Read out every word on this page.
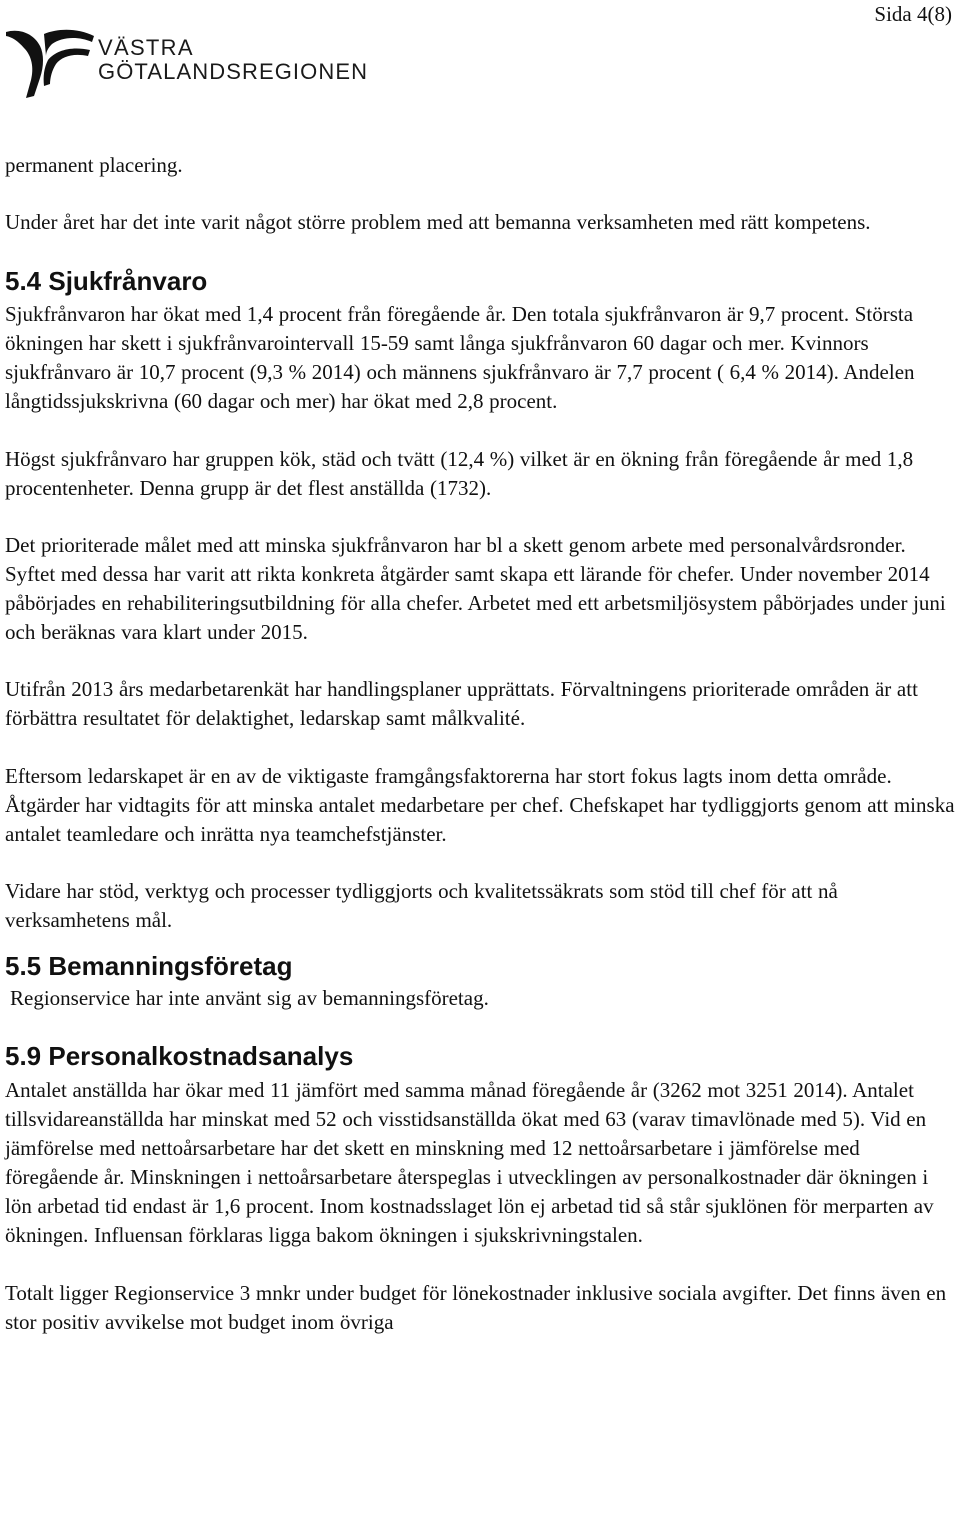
Sida 4(8)
VÄSTRA
GÖTALANDSREGIONEN

permanent placering.

Under året har det inte varit något större problem med att bemanna verksamheten med rätt kompetens.

5.4 Sjukfrånvaro

Sjukfrånvaron har ökat med 1,4 procent från föregående år. Den totala sjukfrånvaron är 9,7 procent. Största ökningen har skett i sjukfrånvarointervall 15-59 samt långa sjukfrånvaron 60 dagar och mer. Kvinnors sjukfrånvaro är 10,7 procent (9,3 % 2014) och männens sjukfrånvaro är 7,7 procent ( 6,4 % 2014). Andelen långtidssjukskrivna (60 dagar och mer) har ökat med 2,8 procent.

Högst sjukfrånvaro har gruppen kök, städ och tvätt (12,4 %) vilket är en ökning från föregående år med 1,8 procentenheter. Denna grupp är det flest anställda (1732).

Det prioriterade målet med att minska sjukfrånvaron har bl a skett genom arbete med personalvårdsronder. Syftet med dessa har varit att rikta konkreta åtgärder samt skapa ett lärande för chefer. Under november 2014 påbörjades en rehabiliteringsutbildning för alla chefer. Arbetet med ett arbetsmiljösystem påbörjades under juni och beräknas vara klart under 2015.

Utifrån 2013 års medarbetarenkät har handlingsplaner upprättats. Förvaltningens prioriterade områden är att förbättra resultatet för delaktighet, ledarskap samt målkvalité.

Eftersom ledarskapet är en av de viktigaste framgångsfaktorerna har stort fokus lagts inom detta område. Åtgärder har vidtagits för att minska antalet medarbetare per chef. Chefskapet har tydliggjorts genom att minska antalet teamledare och inrätta nya teamchefstjänster.

Vidare har stöd, verktyg och processer tydliggjorts och kvalitetssäkrats som stöd till chef för att nå verksamhetens mål.

5.5 Bemanningsföretag

Regionservice har inte använt sig av bemanningsföretag.

5.9 Personalkostnadsanalys

Antalet anställda har ökar med 11 jämfört med samma månad föregående år (3262 mot 3251 2014). Antalet tillsvidareanställda har minskat med 52 och visstidsanställda ökat med 63 (varav timavlönade med 5). Vid en jämförelse med nettoårsarbetare har det skett en minskning med 12 nettoårsarbetare i jämförelse med föregående år. Minskningen i nettoårsarbetare återspeglas i utvecklingen av personalkostnader där ökningen i lön arbetad tid endast är 1,6 procent. Inom kostnadsslaget lön ej arbetad tid så står sjuklönen för merparten av ökningen. Influensan förklaras ligga bakom ökningen i sjukskrivningstalen.

Totalt ligger Regionservice 3 mnkr under budget för lönekostnader inklusive sociala avgifter. Det finns även en stor positiv avvikelse mot budget inom övriga
